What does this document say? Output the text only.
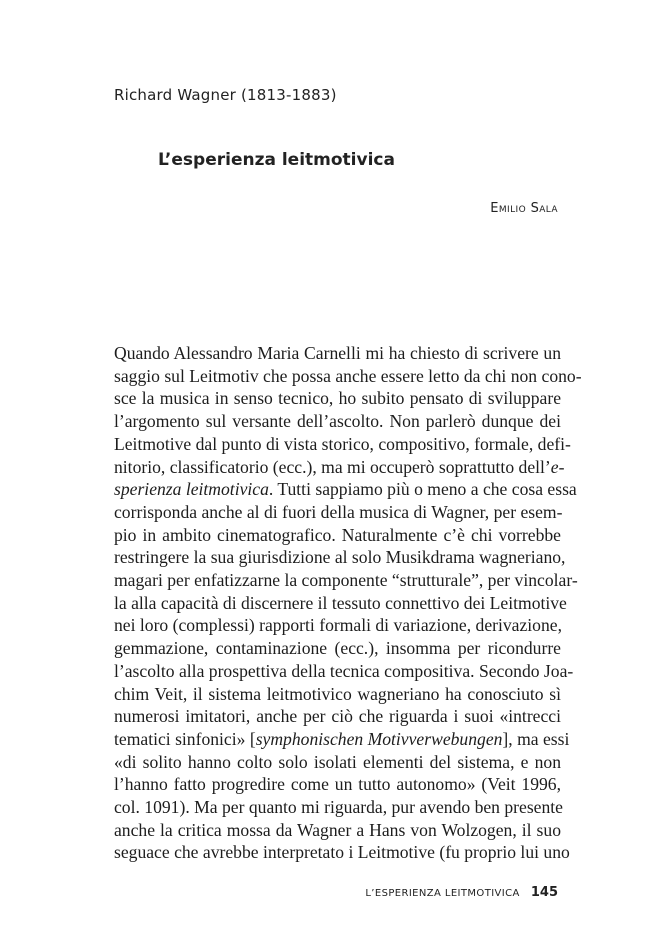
Richard Wagner (1813-1883)
L’esperienza leitmotivica
Emilio Sala
Quando Alessandro Maria Carnelli mi ha chiesto di scrivere un
saggio sul Leitmotiv che possa anche essere letto da chi non cono-
sce la musica in senso tecnico, ho subito pensato di sviluppare
l’argomento sul versante dell’ascolto. Non parlerò dunque dei
Leitmotive dal punto di vista storico, compositivo, formale, defi-
nitorio, classificatorio (ecc.), ma mi occuperò soprattutto dell’e-
sperienza leitmotivica. Tutti sappiamo più o meno a che cosa essa
corrisponda anche al di fuori della musica di Wagner, per esem-
pio in ambito cinematografico. Naturalmente c’è chi vorrebbe
restringere la sua giurisdizione al solo Musikdrama wagneriano,
magari per enfatizzarne la componente “strutturale”, per vincolar-
la alla capacità di discernere il tessuto connettivo dei Leitmotive
nei loro (complessi) rapporti formali di variazione, derivazione,
gemmazione, contaminazione (ecc.), insomma per ricondurre
l’ascolto alla prospettiva della tecnica compositiva. Secondo Joa-
chim Veit, il sistema leitmotivico wagneriano ha conosciuto sì
numerosi imitatori, anche per ciò che riguarda i suoi «intrecci
tematici sinfonici» [symphonischen Motivverwebungen], ma essi
«di solito hanno colto solo isolati elementi del sistema, e non
l’hanno fatto progredire come un tutto autonomo» (Veit 1996,
col. 1091). Ma per quanto mi riguarda, pur avendo ben presente
anche la critica mossa da Wagner a Hans von Wolzogen, il suo
seguace che avrebbe interpretato i Leitmotive (fu proprio lui uno
L’ESPERIENZA LEITMOTIVICA 145
